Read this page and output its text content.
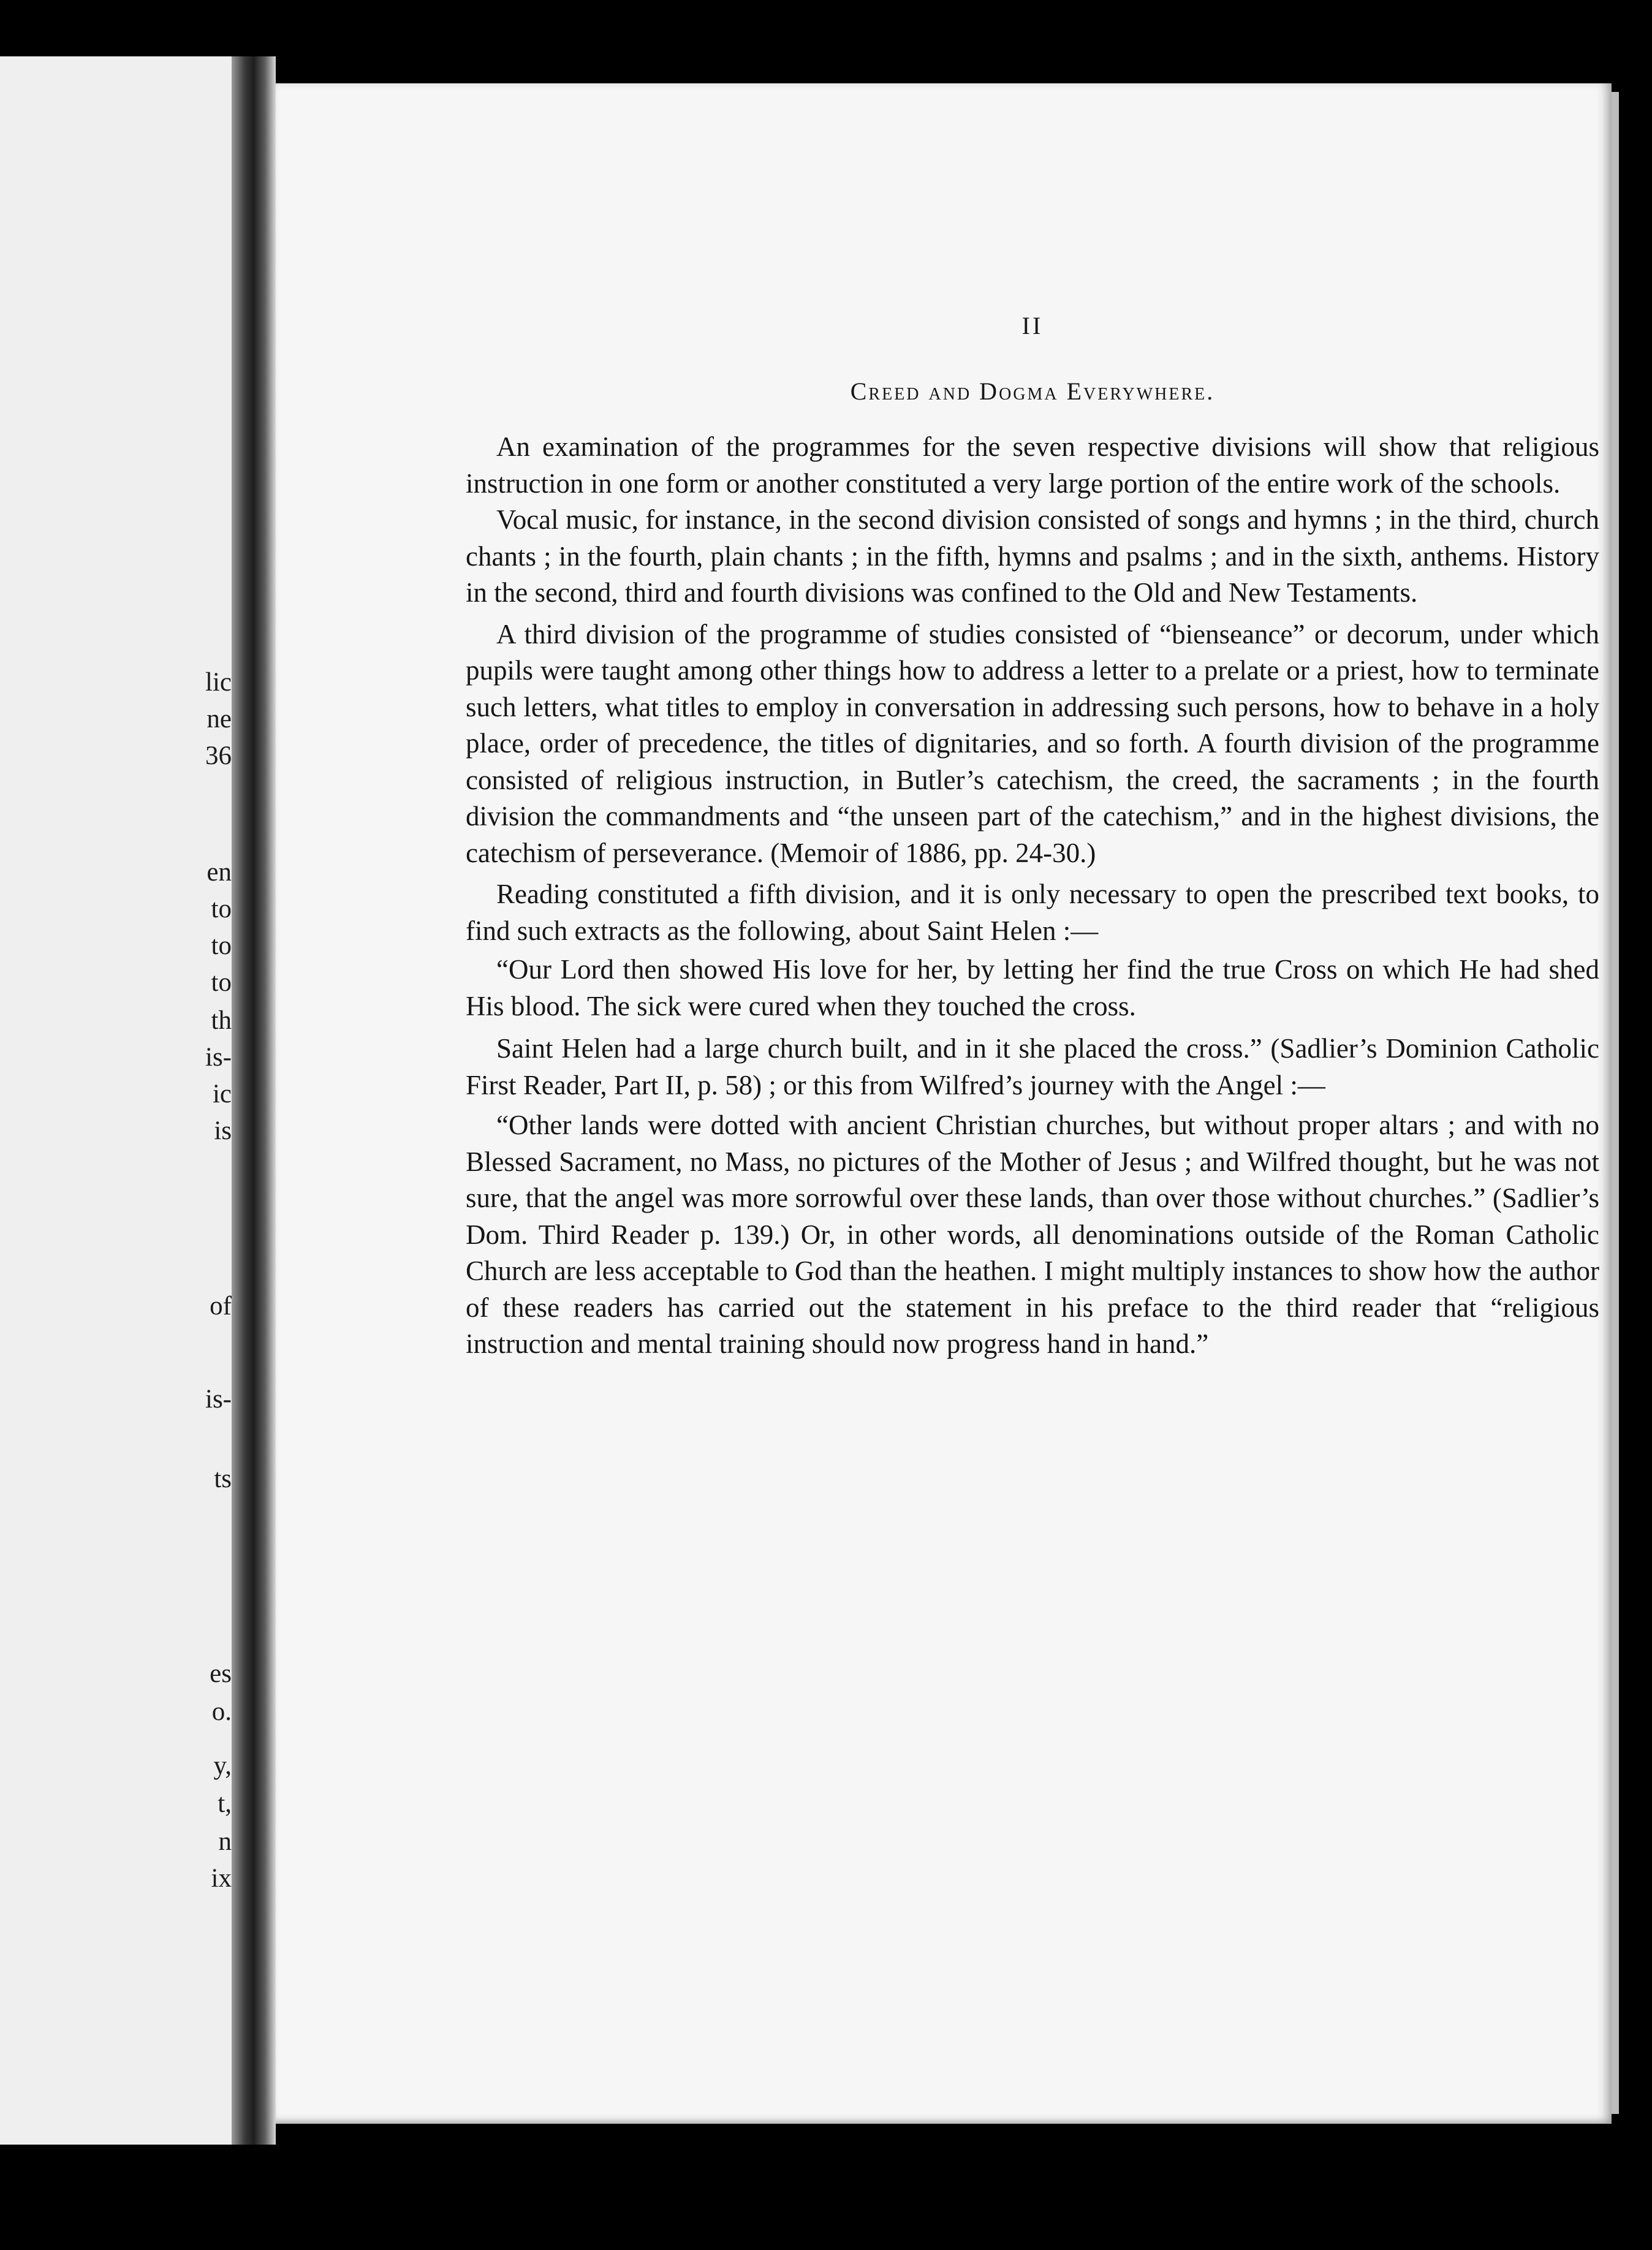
lic
ne
36
en
to
to
to
th
is-
ic
is
of
is-
ts
es
o.
y,
t,
n
ix
II
Creed and Dogma Everywhere.

An examination of the programmes for the seven respective divisions will show that religious instruction in one form or another constituted a very large portion of the entire work of the schools.

Vocal music, for instance, in the second division consisted of songs and hymns ; in the third, church chants ; in the fourth, plain chants ; in the fifth, hymns and psalms ; and in the sixth, anthems. History in the second, third and fourth divisions was confined to the Old and New Testaments.

A third division of the programme of studies consisted of “bienseance” or decorum, under which pupils were taught among other things how to address a letter to a prelate or a priest, how to terminate such letters, what titles to employ in conversation in addressing such persons, how to behave in a holy place, order of precedence, the titles of dignitaries, and so forth. A fourth division of the programme consisted of religious instruction, in Butler’s catechism, the creed, the sacraments ; in the fourth division the commandments and “the unseen part of the catechism,” and in the highest divisions, the catechism of perseverance. (Memoir of 1886, pp. 24-30.)

Reading constituted a fifth division, and it is only necessary to open the prescribed text books, to find such extracts as the following, about Saint Helen :—

“Our Lord then showed His love for her, by letting her find the true Cross on which He had shed His blood. The sick were cured when they touched the cross.

Saint Helen had a large church built, and in it she placed the cross.” (Sadlier’s Dominion Catholic First Reader, Part II, p. 58) ; or this from Wilfred’s journey with the Angel :—

“Other lands were dotted with ancient Christian churches, but without proper altars ; and with no Blessed Sacrament, no Mass, no pictures of the Mother of Jesus ; and Wilfred thought, but he was not sure, that the angel was more sorrowful over these lands, than over those without churches.” (Sadlier’s Dom. Third Reader p. 139.) Or, in other words, all denominations outside of the Roman Catholic Church are less acceptable to God than the heathen. I might multiply instances to show how the author of these readers has carried out the statement in his preface to the third reader that “religious instruction and mental training should now progress hand in hand.”
